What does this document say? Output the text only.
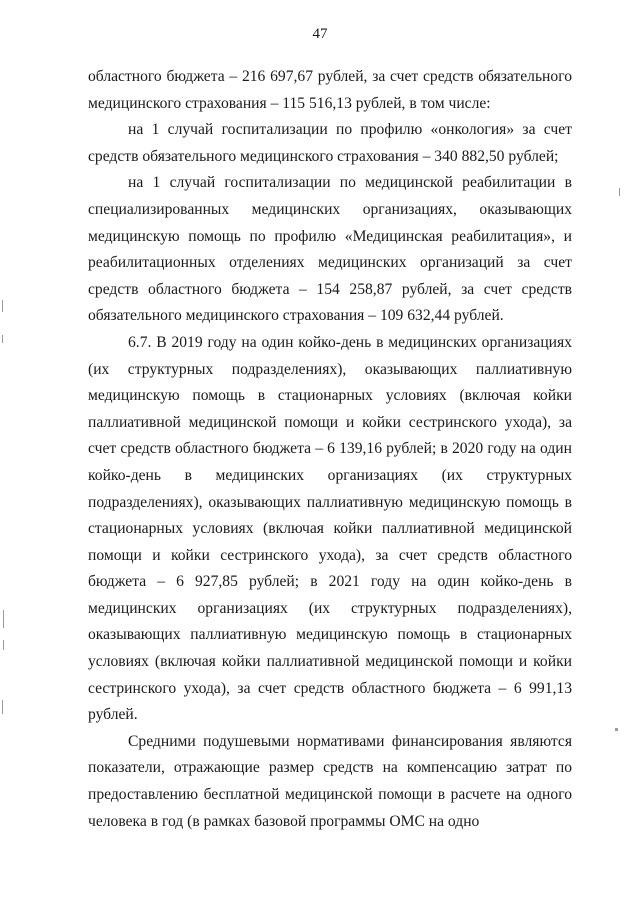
47

областного бюджета – 216 697,67 рублей, за счет средств обязательного медицинского страхования – 115 516,13 рублей, в том числе:

на 1 случай госпитализации по профилю «онкология» за счет средств обязательного медицинского страхования – 340 882,50 рублей;

на 1 случай госпитализации по медицинской реабилитации в специализированных медицинских организациях, оказывающих медицинскую помощь по профилю «Медицинская реабилитация», и реабилитационных отделениях медицинских организаций за счет средств областного бюджета – 154 258,87 рублей, за счет средств обязательного медицинского страхования – 109 632,44 рублей.

6.7. В 2019 году на один койко-день в медицинских организациях (их структурных подразделениях), оказывающих паллиативную медицинскую помощь в стационарных условиях (включая койки паллиативной медицинской помощи и койки сестринского ухода), за счет средств областного бюджета – 6 139,16 рублей; в 2020 году на один койко-день в медицинских организациях (их структурных подразделениях), оказывающих паллиативную медицинскую помощь в стационарных условиях (включая койки паллиативной медицинской помощи и койки сестринского ухода), за счет средств областного бюджета – 6 927,85 рублей; в 2021 году на один койко-день в медицинских организациях (их структурных подразделениях), оказывающих паллиативную медицинскую помощь в стационарных условиях (включая койки паллиативной медицинской помощи и койки сестринского ухода), за счет средств областного бюджета – 6 991,13 рублей.

Средними подушевыми нормативами финансирования являются показатели, отражающие размер средств на компенсацию затрат по предоставлению бесплатной медицинской помощи в расчете на одного человека в год (в рамках базовой программы ОМС на одно
